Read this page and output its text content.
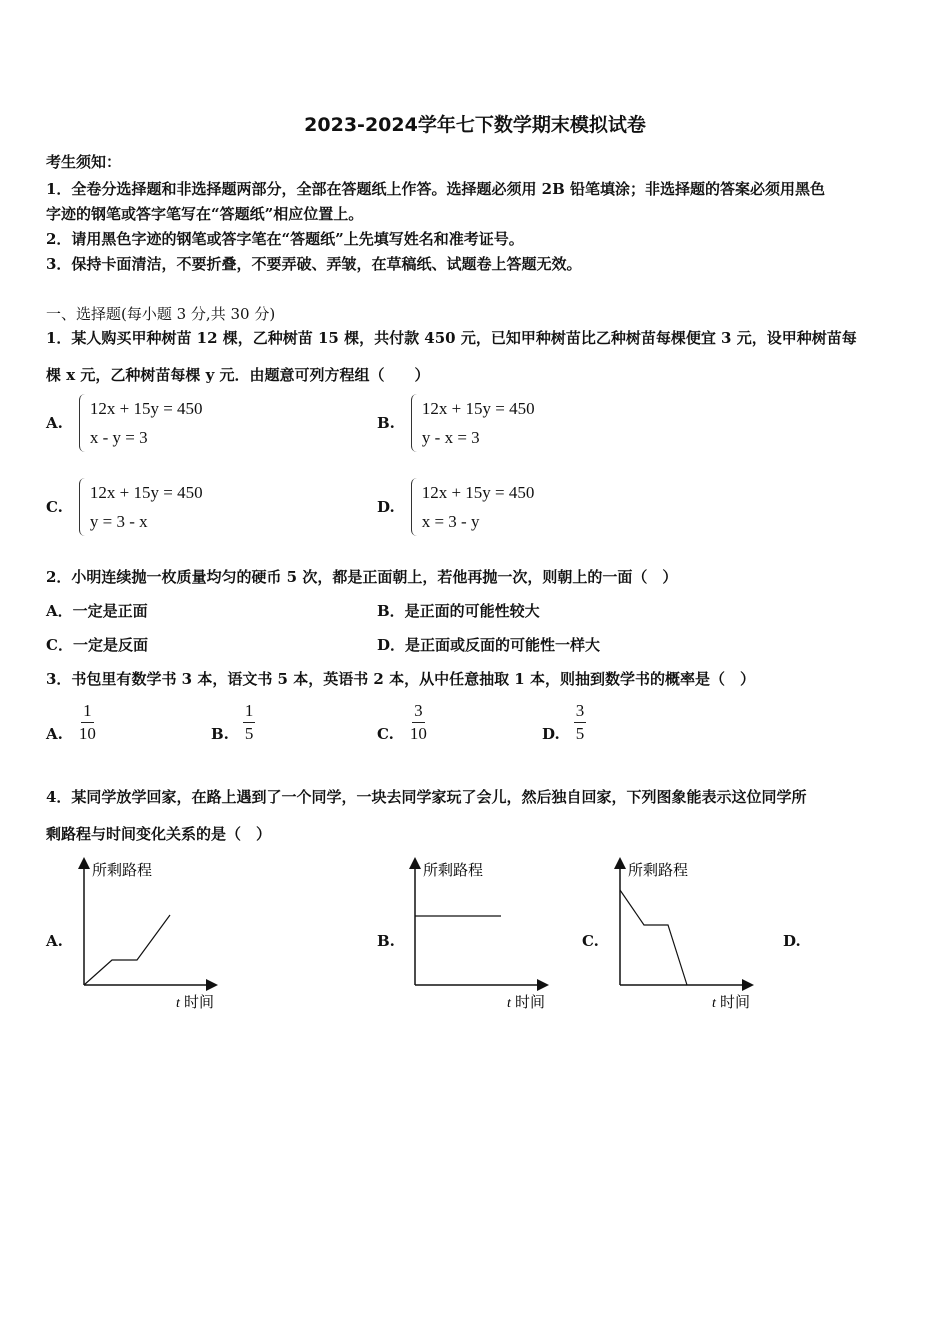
2023-2024学年七下数学期末模拟试卷
考生须知：
1．全卷分选择题和非选择题两部分，全部在答题纸上作答。选择题必须用 2B 铅笔填涂；非选择题的答案必须用黑色
字迹的钢笔或答字笔写在“答题纸”相应位置上。
2．请用黑色字迹的钢笔或答字笔在“答题纸”上先填写姓名和准考证号。
3．保持卡面清洁，不要折叠，不要弄破、弄皱，在草稿纸、试题卷上答题无效。
一、选择题(每小题 3 分,共 30 分)
1．某人购买甲种树苗 12 棵，乙种树苗 15 棵，共付款 450 元，已知甲种树苗比乙种树苗每棵便宜 3 元，设甲种树苗每
棵 x 元，乙种树苗每棵 y 元．由题意可列方程组（　　）
A.
12x + 15y = 450
x - y = 3
B.
12x + 15y = 450
y - x = 3
C.
12x + 15y = 450
y = 3 - x
D.
12x + 15y = 450
x = 3 - y
2．小明连续抛一枚质量均匀的硬币 5 次，都是正面朝上，若他再抛一次，则朝上的一面（　）
A．一定是正面	B．是正面的可能性较大
C．一定是反面	D．是正面或反面的可能性一样大
3．书包里有数学书 3 本，语文书 5 本，英语书 2 本，从中任意抽取 1 本，则抽到数学书的概率是（　）
A. $\frac{1}{10}$	B. $\frac{1}{5}$	C. $\frac{3}{10}$	D. $\frac{3}{5}$
4．某同学放学回家，在路上遇到了一个同学，一块去同学家玩了会儿，然后独自回家，下列图象能表示这位同学所
剩路程与时间变化关系的是（　）
A.	B.	C.	D.
所剩路程
t 时间
所剩路程
t 时间
所剩路程
t 时间
